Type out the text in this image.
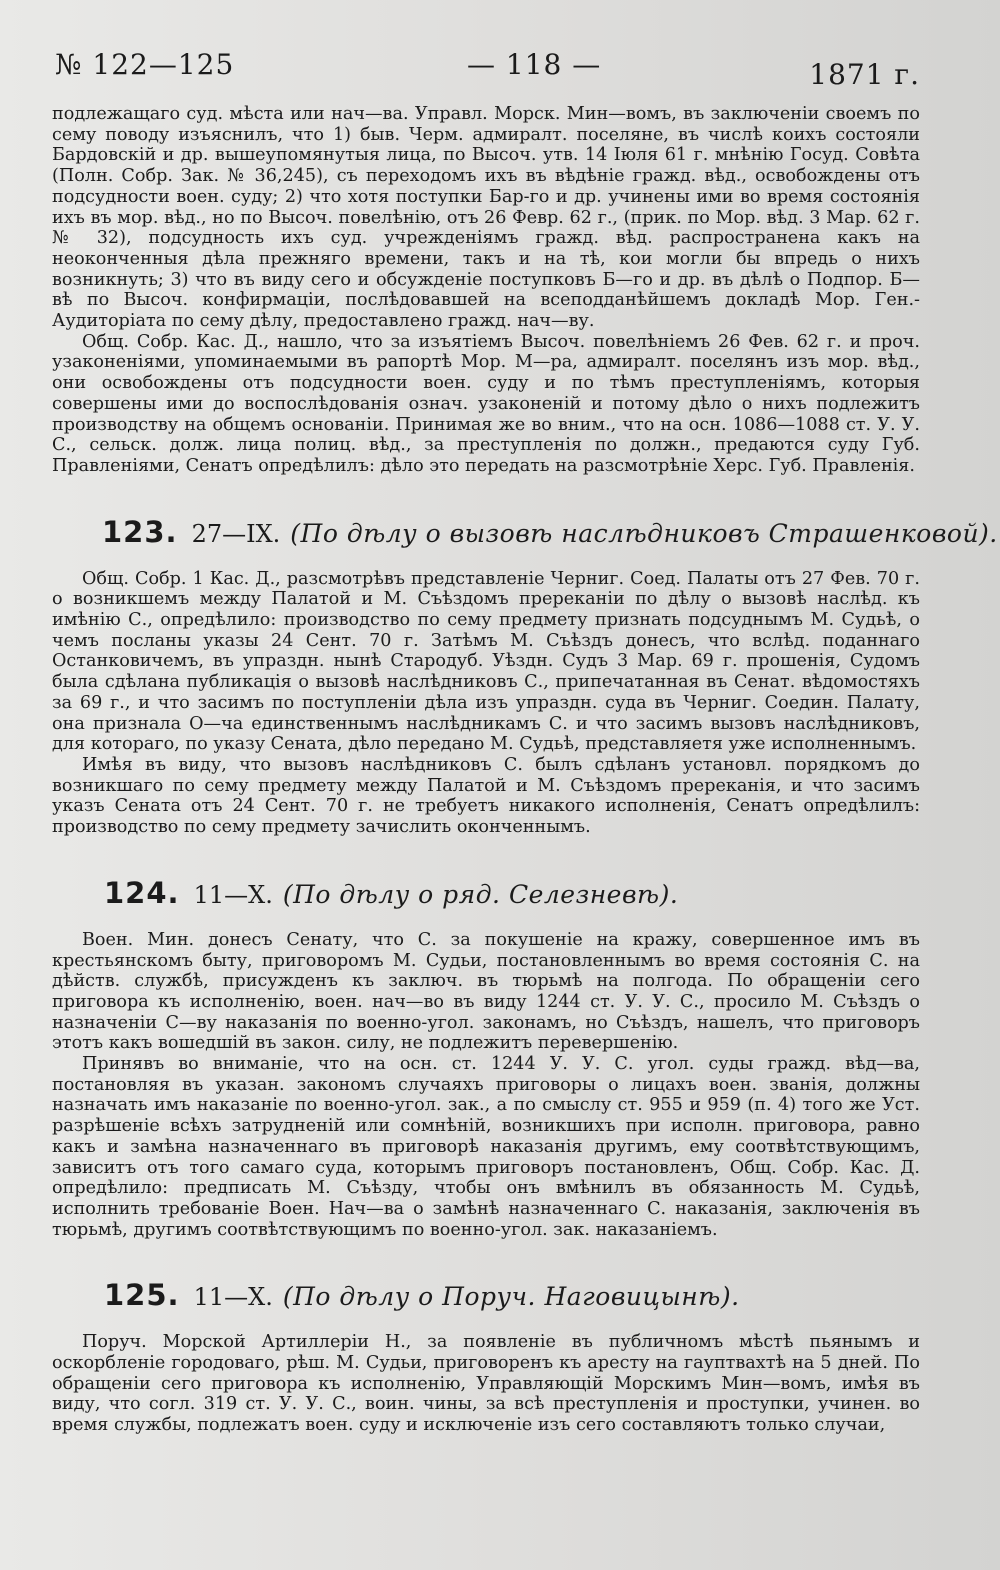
№ 122—125	— 118 —	1871 г.

подлежащаго суд. мѣста или нач—ва. Управл. Морск. Мин—вомъ, въ заключеніи своемъ по сему поводу изъяснилъ, что 1) быв. Черм. адмиралт. поселяне, въ числѣ коихъ состояли Бардовскій и др. вышеупомянутыя лица, по Высоч. утв. 14 Іюля 61 г. мнѣнію Госуд. Совѣта (Полн. Собр. Зак. № 36,245), съ переходомъ ихъ въ вѣдѣніе гражд. вѣд., освобождены отъ подсудности воен. суду; 2) что хотя поступки Бар-го и др. учинены ими во время состоянія ихъ въ мор. вѣд., но по Высоч. повелѣнію, отъ 26 Февр. 62 г., (прик. по Мор. вѣд. 3 Мар. 62 г. № 32), подсудность ихъ суд. учрежденіямъ гражд. вѣд. распространена какъ на неоконченныя дѣла прежняго времени, такъ и на тѣ, кои могли бы впредь о нихъ возникнуть; 3) что въ виду сего и обсужденіе поступковъ Б—го и др. въ дѣлѣ о Подпор. Б—вѣ по Высоч. конфирмаціи, послѣдовавшей на всеподданѣйшемъ докладѣ Мор. Ген.-Аудиторіата по сему дѣлу, предоставлено гражд. нач—ву.

Общ. Собр. Кас. Д., нашло, что за изъятіемъ Высоч. повелѣніемъ 26 Фев. 62 г. и проч. узаконеніями, упоминаемыми въ рапортѣ Мор. М—ра, адмиралт. поселянъ изъ мор. вѣд., они освобождены отъ подсудности воен. суду и по тѣмъ преступленіямъ, которыя совершены ими до воспослѣдованія означ. узаконеній и потому дѣло о нихъ подлежитъ производству на общемъ основаніи. Принимая же во вним., что на осн. 1086—1088 ст. У. У. С., сельск. долж. лица полиц. вѣд., за преступленія по должн., предаются суду Губ. Правленіями, Сенатъ опредѣлилъ: дѣло это передать на разсмотрѣніе Херс. Губ. Правленія.

123. 27—IX. (По дѣлу о вызовѣ наслѣдниковъ Страшенковой).

Общ. Собр. 1 Кас. Д., разсмотрѣвъ представленіе Черниг. Соед. Палаты отъ 27 Фев. 70 г. о возникшемъ между Палатой и М. Съѣздомъ пререканіи по дѣлу о вызовѣ наслѣд. къ имѣнію С., опредѣлило: производство по сему предмету признать подсуднымъ М. Судьѣ, о чемъ посланы указы 24 Сент. 70 г. Затѣмъ М. Съѣздъ донесъ, что вслѣд. поданнаго Останковичемъ, въ упраздн. нынѣ Стародуб. Уѣздн. Судъ 3 Мар. 69 г. прошенія, Судомъ была сдѣлана публикація о вызовѣ наслѣдниковъ С., припечатанная въ Сенат. вѣдомостяхъ за 69 г., и что засимъ по поступленіи дѣла изъ упраздн. суда въ Черниг. Соедин. Палату, она признала О—ча единственнымъ наслѣдникамъ С. и что засимъ вызовъ наслѣдниковъ, для котораго, по указу Сената, дѣло передано М. Судьѣ, представляетя уже исполненнымъ.

Имѣя въ виду, что вызовъ наслѣдниковъ С. былъ сдѣланъ установл. порядкомъ до возникшаго по сему предмету между Палатой и М. Съѣздомъ пререканія, и что засимъ указъ Сената отъ 24 Сент. 70 г. не требуетъ никакого исполненія, Сенатъ опредѣлилъ: производство по сему предмету зачислить оконченнымъ.

124. 11—X. (По дѣлу о ряд. Селезневѣ).

Воен. Мин. донесъ Сенату, что С. за покушеніе на кражу, совершенное имъ въ крестьянскомъ быту, приговоромъ М. Судьи, постановленнымъ во время состоянія С. на дѣйств. службѣ, присужденъ къ заключ. въ тюрьмѣ на полгода. По обращеніи сего приговора къ исполненію, воен. нач—во въ виду 1244 ст. У. У. С., просило М. Съѣздъ о назначеніи С—ву наказанія по военно-угол. законамъ, но Съѣздъ, нашелъ, что приговоръ этотъ какъ вошедшій въ закон. силу, не подлежитъ перевершенію.

Принявъ во вниманіе, что на осн. ст. 1244 У. У. С. угол. суды гражд. вѣд—ва, постановляя въ указан. закономъ случаяхъ приговоры о лицахъ воен. званія, должны назначать имъ наказаніе по военно-угол. зак., а по смыслу ст. 955 и 959 (п. 4) того же Уст. разрѣшеніе всѣхъ затрудненій или сомнѣній, возникшихъ при исполн. приговора, равно какъ и замѣна назначеннаго въ приговорѣ наказанія другимъ, ему соотвѣтствующимъ, зависитъ отъ того самаго суда, которымъ приговоръ постановленъ, Общ. Собр. Кас. Д. опредѣлило: предписать М. Съѣзду, чтобы онъ вмѣнилъ въ обязанность М. Судьѣ, исполнить требованіе Воен. Нач—ва о замѣнѣ назначеннаго С. наказанія, заключенія въ тюрьмѣ, другимъ соотвѣтствующимъ по военно-угол. зак. наказаніемъ.

125. 11—X. (По дѣлу о Поруч. Наговицынѣ).

Поруч. Морской Артиллеріи Н., за появленіе въ публичномъ мѣстѣ пьянымъ и оскорбленіе городоваго, рѣш. М. Судьи, приговоренъ къ аресту на гауптвахтѣ на 5 дней. По обращеніи сего приговора къ исполненію, Управляющій Морскимъ Мин—вомъ, имѣя въ виду, что согл. 319 ст. У. У. С., воин. чины, за всѣ преступленія и проступки, учинен. во время службы, подлежатъ воен. суду и исключеніе изъ сего составляютъ только случаи,
